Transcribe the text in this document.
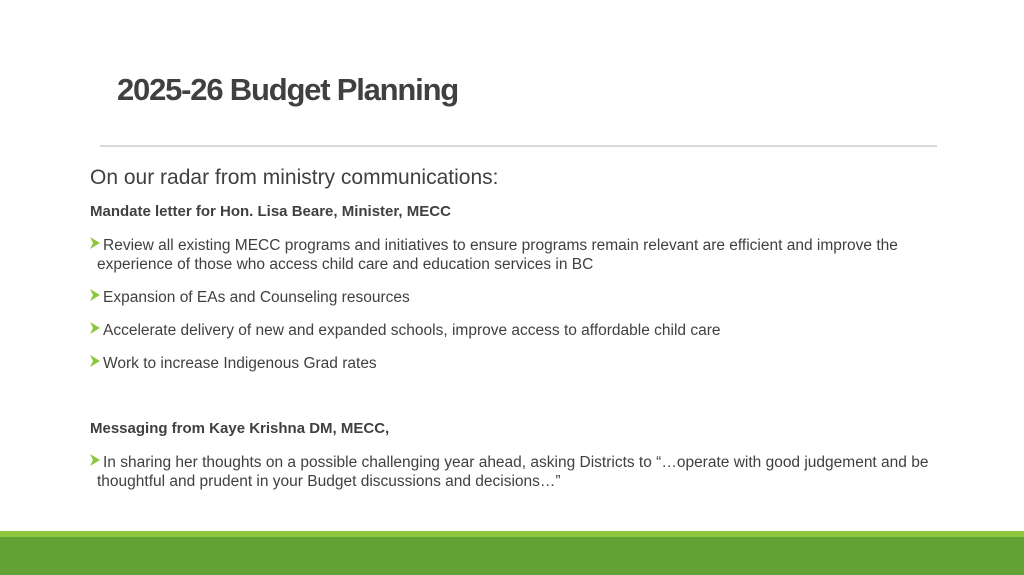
2025-26 Budget Planning
On our radar from ministry communications:
Mandate letter for Hon. Lisa Beare, Minister, MECC
Review all existing MECC programs and initiatives to ensure programs remain relevant are efficient and improve the experience of those who access child care and education services in BC
Expansion of EAs and Counseling resources
Accelerate delivery of new and expanded schools, improve access to affordable child care
Work to increase Indigenous Grad rates
Messaging from Kaye Krishna DM, MECC,
In sharing her thoughts on a possible challenging year ahead, asking Districts to “…operate with good judgement and be thoughtful and prudent in your Budget discussions and decisions…”
